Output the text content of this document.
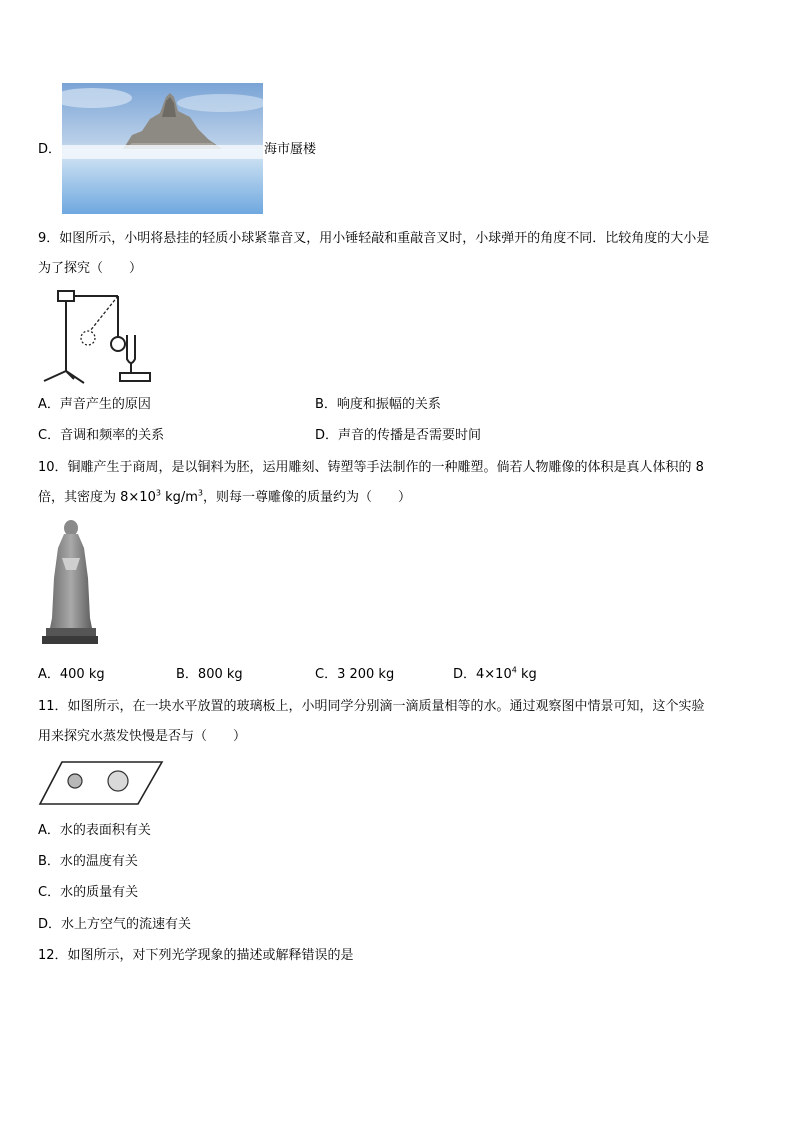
D．	海市蜃楼
9．如图所示，小明将悬挂的轻质小球紧靠音叉，用小锤轻敲和重敲音叉时，小球弹开的角度不同．比较角度的大小是
为了探究（　　）
A．声音产生的原因	B．响度和振幅的关系
C．音调和频率的关系	D．声音的传播是否需要时间
10．铜雕产生于商周，是以铜料为胚，运用雕刻、铸塑等手法制作的一种雕塑。倘若人物雕像的体积是真人体积的 8
倍，其密度为 $8\times 10^3$ $kg/m^3$，则每一尊雕像的质量约为（　　）
A．400 kg	B．800 kg	C．3 200 kg	D．$4\times 10^4$ kg
11．如图所示，在一块水平放置的玻璃板上，小明同学分别滴一滴质量相等的水。通过观察图中情景可知，这个实验
用来探究水蒸发快慢是否与（　　）
A．水的表面积有关
B．水的温度有关
C．水的质量有关
D．水上方空气的流速有关
12．如图所示，对下列光学现象的描述或解释错误的是
